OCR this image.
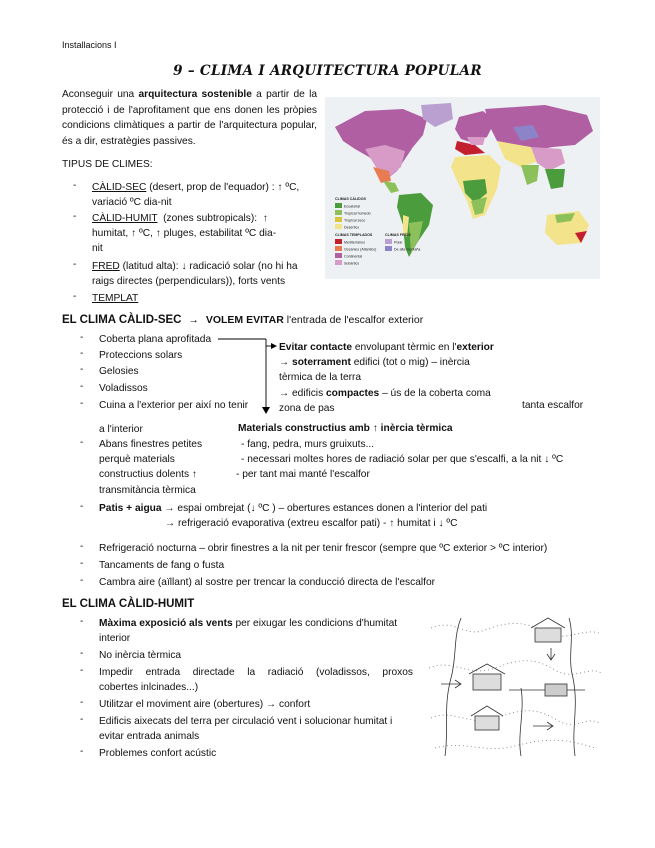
Installacions I
9 – CLIMA I ARQUITECTURA POPULAR
Aconseguir una arquitectura sostenible a partir de la protecció i de l'aprofitament que ens donen les pròpies condicions climàtiques a partir de l'arquitectura popular, és a dir, estratègies passives.
CLIMAS CÁLIDOS
Ecuatorial
Tropical húmedo
Tropical seco
Desértico
CLIMAS TEMPLADOS
Mediterráneo
Oceánico (Atlántico)
Continental
Subártico
CLIMAS FRÍOS
Polar
De alta montaña
TIPUS DE CLIMES:
- CÀLID-SEC (desert, prop de l'equador) : ↑ ºC,
variació ºC dia-nit
- CÀLID-HUMIT  (zones subtropicals):  ↑
humitat, ↑ ºC, ↑ pluges, estabilitat ºC dia-
nit
- FRED (latitud alta): ↓ radicació solar (no hi ha
raigs directes (perpendiculars)), forts vents
- TEMPLAT
EL CLIMA CÀLID-SEC → VOLEM EVITAR l'entrada de l'escalfor exterior
- Coberta plana aprofitada
- Proteccions solars
- Gelosies
- Voladissos
- Cuina a l'exterior per així no tenir
Evitar contacte envolupant tèrmic en l'exterior
→ soterrament edifici (tot o mig) – inèrcia
tèrmica de la terra
→ edificis compactes – ús de la coberta coma
zona de pas	tanta escalfor
a l'interior	Materials constructius amb ↑ inèrcia tèrmica
- Abans finestres petites
perquè materials
constructius dolents ↑
transmitància tèrmica
- fang, pedra, murs gruixuts...
- necessari moltes hores de radiació solar per que s'escalfi, a la nit ↓ ºC
- per tant mai manté l'escalfor
- Patis + aigua → espai ombrejat (↓ ºC ) – obertures estances donen a l'interior del pati
→ refrigeració evaporativa (extreu escalfor pati) - ↑ humitat i ↓ ºC
- Refrigeració nocturna – obrir finestres a la nit per tenir frescor (sempre que ºC exterior > ºC interior)
- Tancaments de fang o fusta
- Cambra aire (aïllant) al sostre per trencar la conducció directa de l'escalfor
EL CLIMA CÀLID-HUMIT
- Màxima exposició als vents per eixugar les condicions d'humitat
interior
- No inèrcia tèrmica
- Impedir entrada directade la radiació (voladissos, proxos
cobertes inlcinades...)
- Utilitzar el moviment aire (obertures) → confort
- Edificis aixecats del terra per circulació vent i solucionar humitat i
evitar entrada animals
- Problemes confort acústic
